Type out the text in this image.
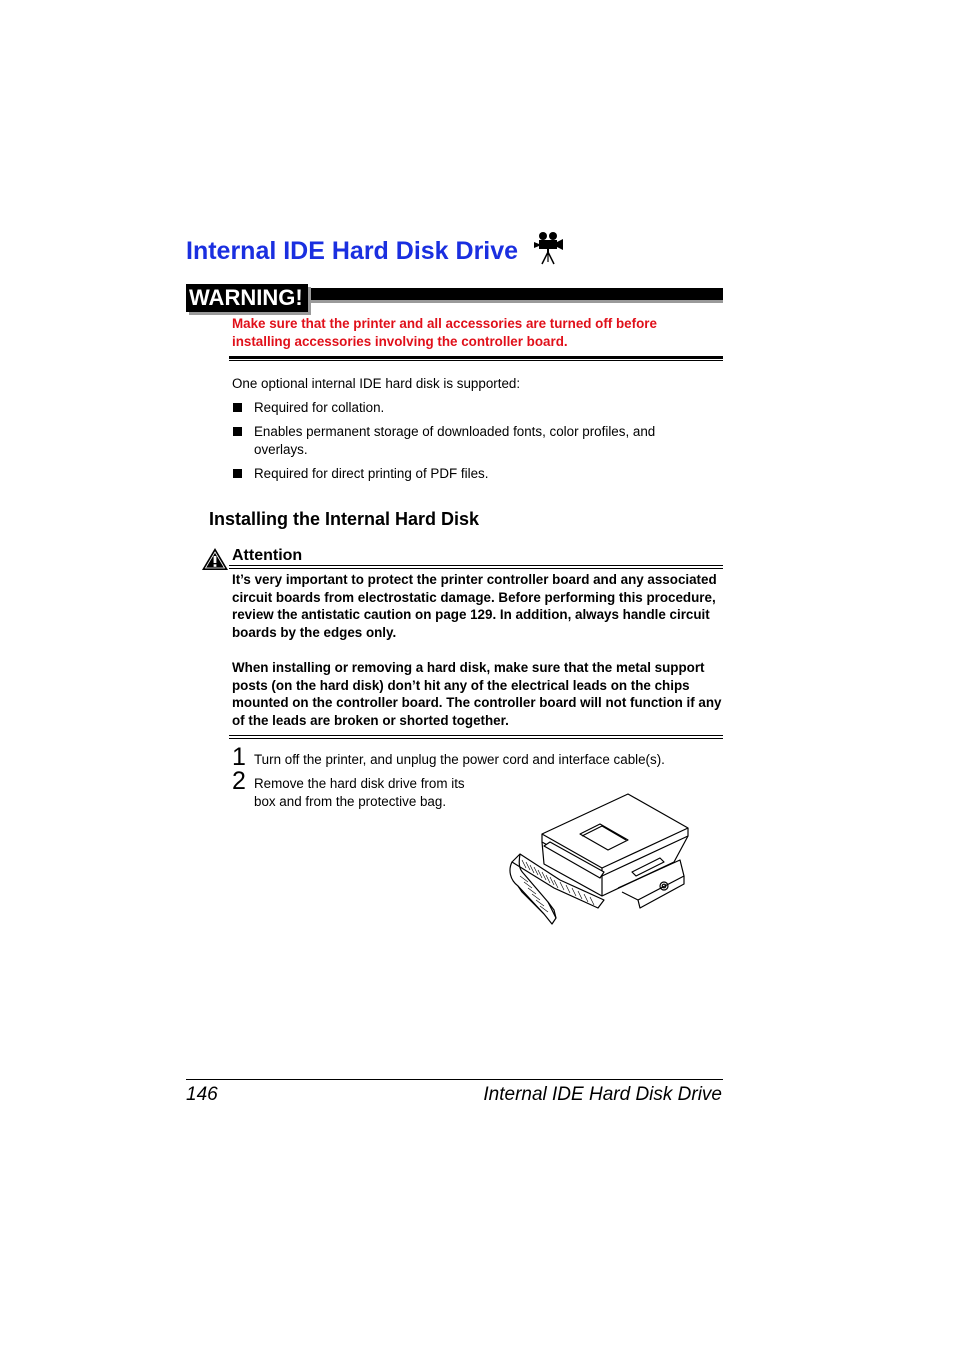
Internal IDE Hard Disk Drive
WARNING!
Make sure that the printer and all accessories are turned off before installing accessories involving the controller board.
One optional internal IDE hard disk is supported:
Required for collation.
Enables permanent storage of downloaded fonts, color profiles, and overlays.
Required for direct printing of PDF files.
Installing the Internal Hard Disk
Attention
It’s very important to protect the printer controller board and any associated circuit boards from electrostatic damage. Before performing this procedure, review the antistatic caution on page 129. In addition, always handle circuit boards by the edges only.
When installing or removing a hard disk, make sure that the metal support posts (on the hard disk) don’t hit any of the electrical leads on the chips mounted on the controller board. The controller board will not function if any of the leads are broken or shorted together.
1 Turn off the printer, and unplug the power cord and interface cable(s).
2 Remove the hard disk drive from its box and from the protective bag.
146	Internal IDE Hard Disk Drive
